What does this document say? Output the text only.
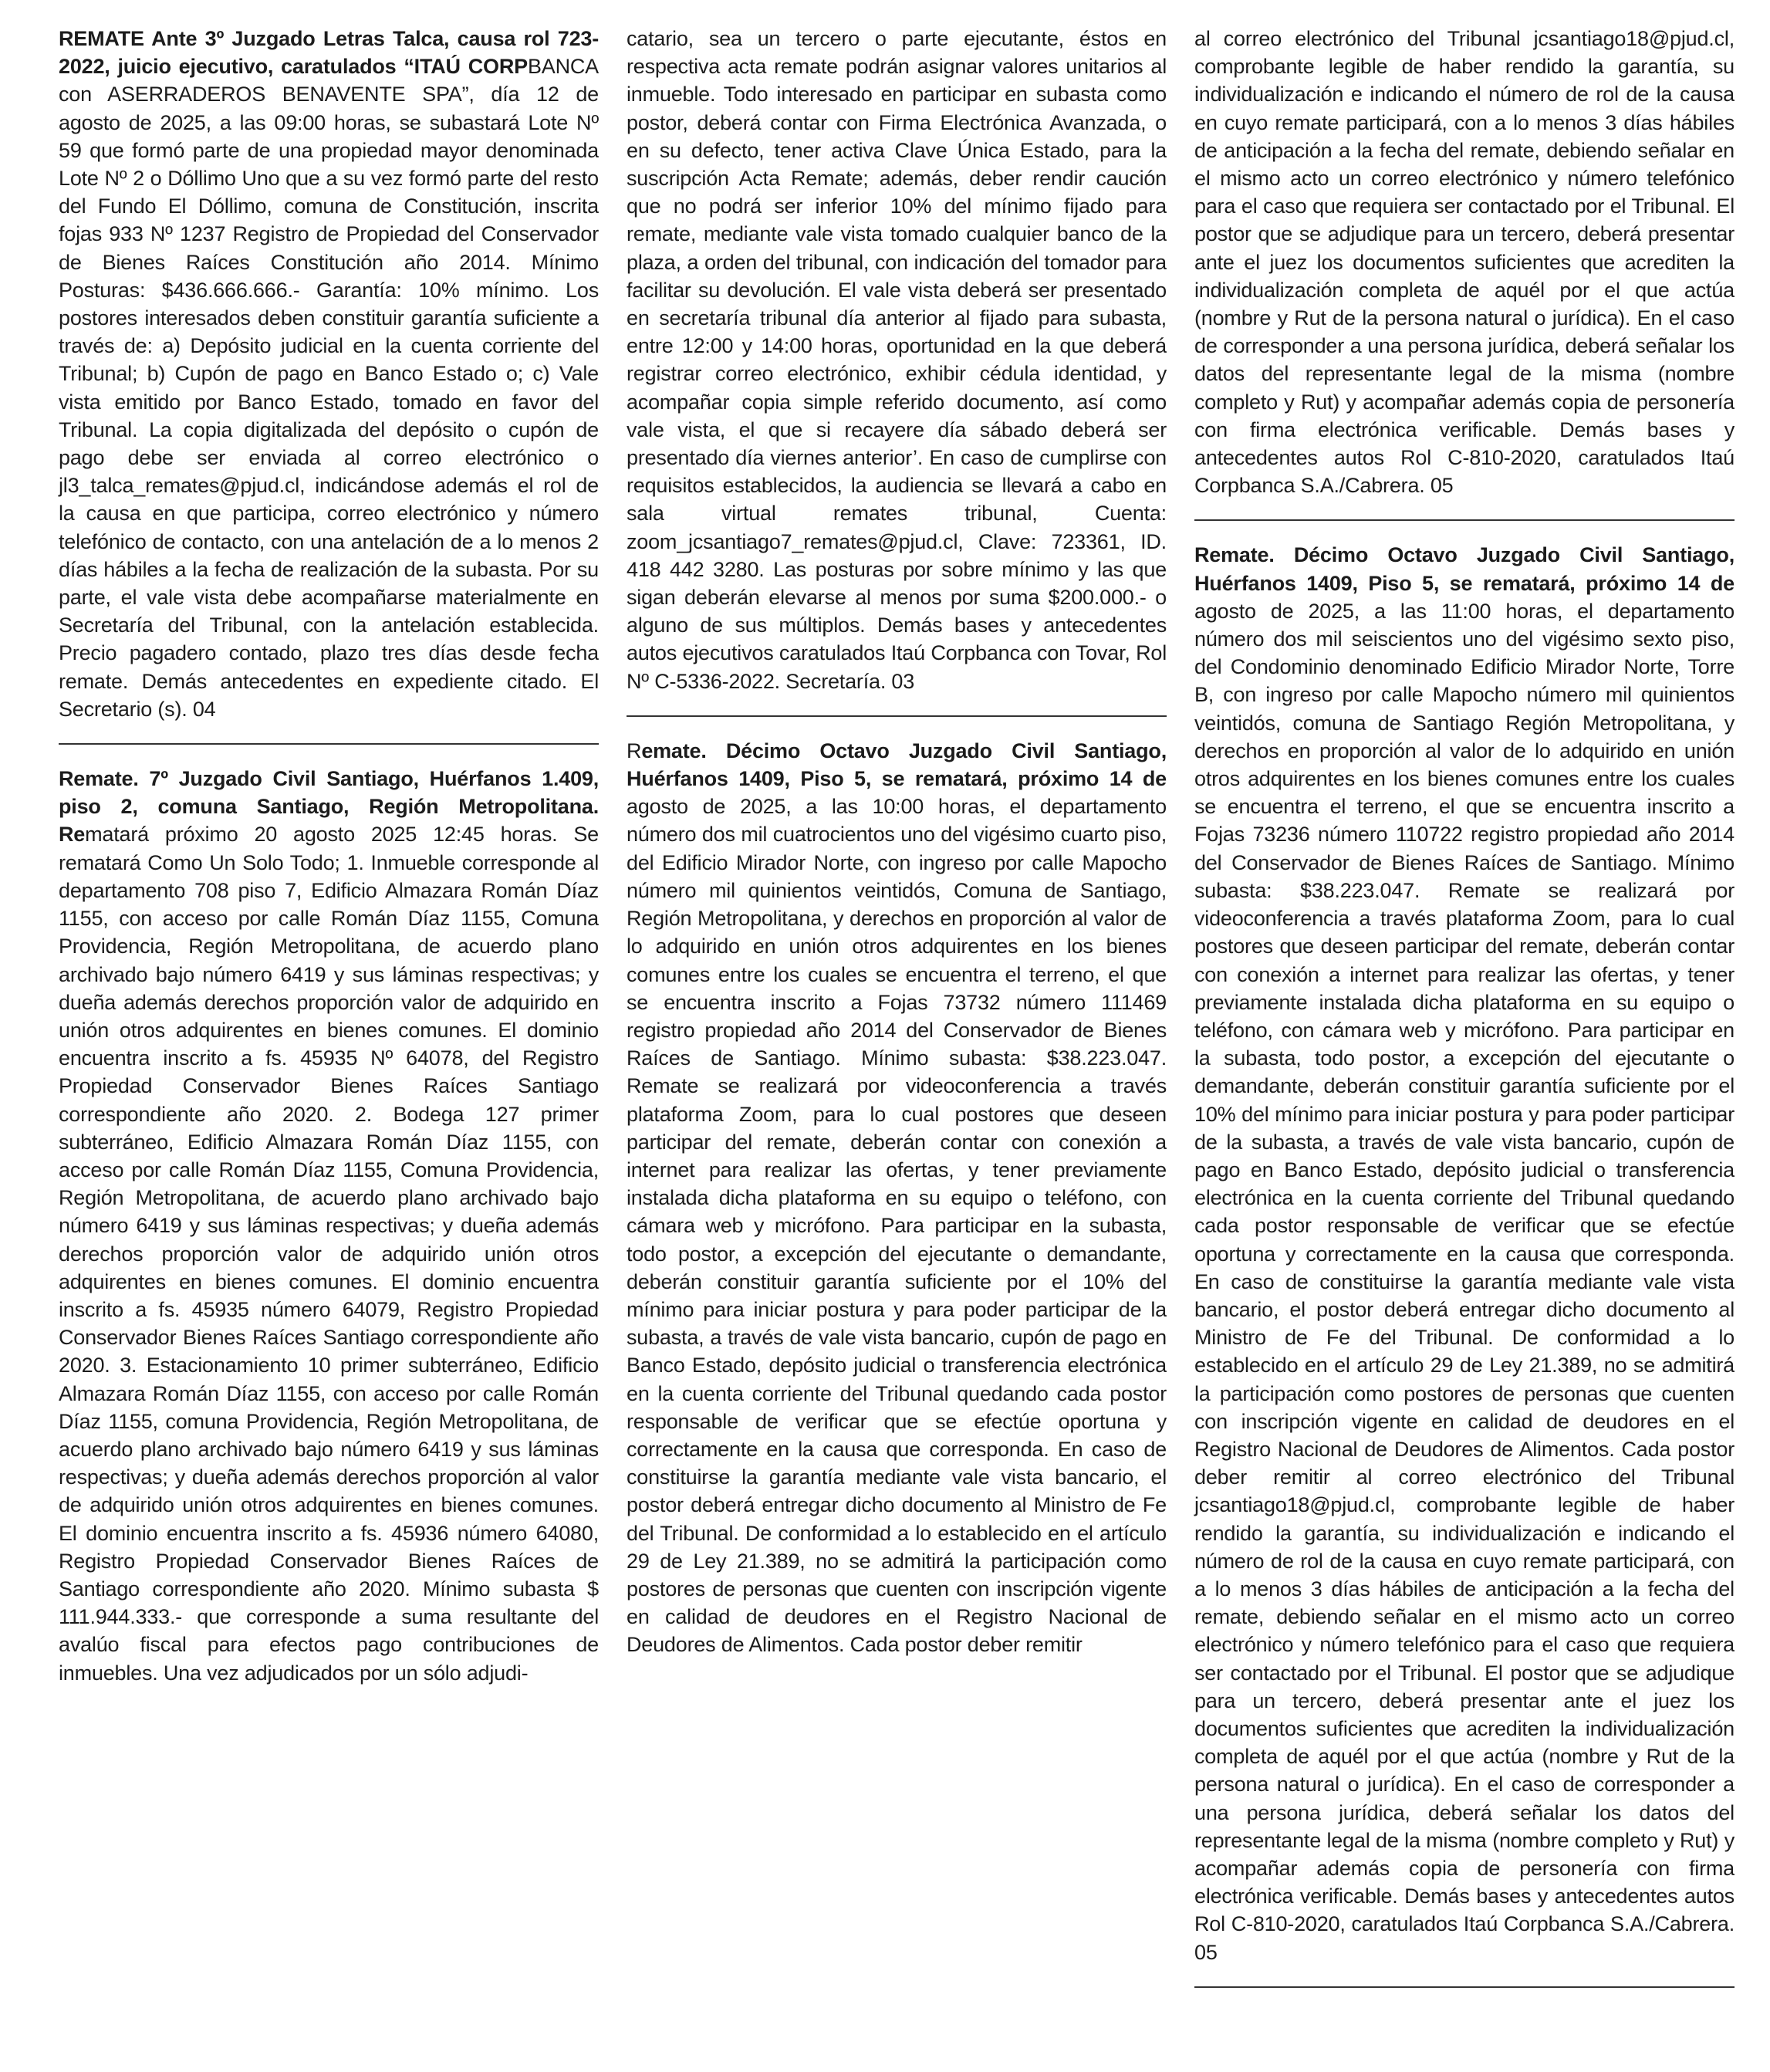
REMATE Ante 3º Juzgado Letras Talca, causa rol 723-2022, juicio ejecutivo, caratulados “ITAÚ CORPBANCA con ASERRADEROS BENAVENTE SPA”, día 12 de agosto de 2025, a las 09:00 horas, se subastará Lote Nº 59 que formó parte de una propiedad mayor denominada Lote Nº 2 o Dóllimo Uno que a su vez formó parte del resto del Fundo El Dóllimo, comuna de Constitución, inscrita fojas 933 Nº 1237 Registro de Propiedad del Conservador de Bienes Raíces Constitución año 2014. Mínimo Posturas: $436.666.666.- Garantía: 10% mínimo. Los postores interesados deben constituir garantía suficiente a través de: a) Depósito judicial en la cuenta corriente del Tribunal; b) Cupón de pago en Banco Estado o; c) Vale vista emitido por Banco Estado, tomado en favor del Tribunal. La copia digitalizada del depósito o cupón de pago debe ser enviada al correo electrónico o jl3_talca_remates@pjud.cl, indicándose además el rol de la causa en que participa, correo electrónico y número telefónico de contacto, con una antelación de a lo menos 2 días hábiles a la fecha de realización de la subasta. Por su parte, el vale vista debe acompañarse materialmente en Secretaría del Tribunal, con la antelación establecida. Precio pagadero contado, plazo tres días desde fecha remate. Demás antecedentes en expediente citado. El Secretario (s). 04

Remate. 7º Juzgado Civil Santiago, Huérfanos 1.409, piso 2, comuna Santiago, Región Metropolitana. Rematará próximo 20 agosto 2025 12:45 horas. Se rematará Como Un Solo Todo; 1. Inmueble corresponde al departamento 708 piso 7, Edificio Almazara Román Díaz 1155, con acceso por calle Román Díaz 1155, Comuna Providencia, Región Metropolitana, de acuerdo plano archivado bajo número 6419 y sus láminas respectivas; y dueña además derechos proporción valor de adquirido en unión otros adquirentes en bienes comunes. El dominio encuentra inscrito a fs. 45935 Nº 64078, del Registro Propiedad Conservador Bienes Raíces Santiago correspondiente año 2020. 2. Bodega 127 primer subterráneo, Edificio Almazara Román Díaz 1155, con acceso por calle Román Díaz 1155, Comuna Providencia, Región Metropolitana, de acuerdo plano archivado bajo número 6419 y sus láminas respectivas; y dueña además derechos proporción valor de adquirido unión otros adquirentes en bienes comunes. El dominio encuentra inscrito a fs. 45935 número 64079, Registro Propiedad Conservador Bienes Raíces Santiago correspondiente año 2020. 3. Estacionamiento 10 primer subterráneo, Edificio Almazara Román Díaz 1155, con acceso por calle Román Díaz 1155, comuna Providencia, Región Metropolitana, de acuerdo plano archivado bajo número 6419 y sus láminas respectivas; y dueña además derechos proporción al valor de adquirido unión otros adquirentes en bienes comunes. El dominio encuentra inscrito a fs. 45936 número 64080, Registro Propiedad Conservador Bienes Raíces de Santiago correspondiente año 2020. Mínimo subasta $ 111.944.333.- que corresponde a suma resultante del avalúo fiscal para efectos pago contribuciones de inmuebles. Una vez adjudicados por un sólo adjudi-

catario, sea un tercero o parte ejecutante, éstos en respectiva acta remate podrán asignar valores unitarios al inmueble. Todo interesado en participar en subasta como postor, deberá contar con Firma Electrónica Avanzada, o en su defecto, tener activa Clave Única Estado, para la suscripción Acta Remate; además, deber rendir caución que no podrá ser inferior 10% del mínimo fijado para remate, mediante vale vista tomado cualquier banco de la plaza, a orden del tribunal, con indicación del tomador para facilitar su devolución. El vale vista deberá ser presentado en secretaría tribunal día anterior al fijado para subasta, entre 12:00 y 14:00 horas, oportunidad en la que deberá registrar correo electrónico, exhibir cédula identidad, y acompañar copia simple referido documento, así como vale vista, el que si recayere día sábado deberá ser presentado día viernes anterior’. En caso de cumplirse con requisitos establecidos, la audiencia se llevará a cabo en sala virtual remates tribunal, Cuenta: zoom_jcsantiago7_remates@pjud.cl, Clave: 723361, ID. 418 442 3280. Las posturas por sobre mínimo y las que sigan deberán elevarse al menos por suma $200.000.- o alguno de sus múltiplos. Demás bases y antecedentes autos ejecutivos caratulados Itaú Corpbanca con Tovar, Rol Nº C-5336-2022. Secretaría. 03

Remate. Décimo Octavo Juzgado Civil Santiago, Huérfanos 1409, Piso 5, se rematará, próximo 14 de agosto de 2025, a las 10:00 horas, el departamento número dos mil cuatrocientos uno del vigésimo cuarto piso, del Edificio Mirador Norte, con ingreso por calle Mapocho número mil quinientos veintidós, Comuna de Santiago, Región Metropolitana, y derechos en proporción al valor de lo adquirido en unión otros adquirentes en los bienes comunes entre los cuales se encuentra el terreno, el que se encuentra inscrito a Fojas 73732 número 111469 registro propiedad año 2014 del Conservador de Bienes Raíces de Santiago. Mínimo subasta: $38.223.047. Remate se realizará por videoconferencia a través plataforma Zoom, para lo cual postores que deseen participar del remate, deberán contar con conexión a internet para realizar las ofertas, y tener previamente instalada dicha plataforma en su equipo o teléfono, con cámara web y micrófono. Para participar en la subasta, todo postor, a excepción del ejecutante o demandante, deberán constituir garantía suficiente por el 10% del mínimo para iniciar postura y para poder participar de la subasta, a través de vale vista bancario, cupón de pago en Banco Estado, depósito judicial o transferencia electrónica en la cuenta corriente del Tribunal quedando cada postor responsable de verificar que se efectúe oportuna y correctamente en la causa que corresponda. En caso de constituirse la garantía mediante vale vista bancario, el postor deberá entregar dicho documento al Ministro de Fe del Tribunal. De conformidad a lo establecido en el artículo 29 de Ley 21.389, no se admitirá la participación como postores de personas que cuenten con inscripción vigente en calidad de deudores en el Registro Nacional de Deudores de Alimentos. Cada postor deber remitir

al correo electrónico del Tribunal jcsantiago18@pjud.cl, comprobante legible de haber rendido la garantía, su individualización e indicando el número de rol de la causa en cuyo remate participará, con a lo menos 3 días hábiles de anticipación a la fecha del remate, debiendo señalar en el mismo acto un correo electrónico y número telefónico para el caso que requiera ser contactado por el Tribunal. El postor que se adjudique para un tercero, deberá presentar ante el juez los documentos suficientes que acrediten la individualización completa de aquél por el que actúa (nombre y Rut de la persona natural o jurídica). En el caso de corresponder a una persona jurídica, deberá señalar los datos del representante legal de la misma (nombre completo y Rut) y acompañar además copia de personería con firma electrónica verificable. Demás bases y antecedentes autos Rol C-810-2020, caratulados Itaú Corpbanca S.A./Cabrera. 05

Remate. Décimo Octavo Juzgado Civil Santiago, Huérfanos 1409, Piso 5, se rematará, próximo 14 de agosto de 2025, a las 11:00 horas, el departamento número dos mil seiscientos uno del vigésimo sexto piso, del Condominio denominado Edificio Mirador Norte, Torre B, con ingreso por calle Mapocho número mil quinientos veintidós, comuna de Santiago Región Metropolitana, y derechos en proporción al valor de lo adquirido en unión otros adquirentes en los bienes comunes entre los cuales se encuentra el terreno, el que se encuentra inscrito a Fojas 73236 número 110722 registro propiedad año 2014 del Conservador de Bienes Raíces de Santiago. Mínimo subasta: $38.223.047. Remate se realizará por videoconferencia a través plataforma Zoom, para lo cual postores que deseen participar del remate, deberán contar con conexión a internet para realizar las ofertas, y tener previamente instalada dicha plataforma en su equipo o teléfono, con cámara web y micrófono. Para participar en la subasta, todo postor, a excepción del ejecutante o demandante, deberán constituir garantía suficiente por el 10% del mínimo para iniciar postura y para poder participar de la subasta, a través de vale vista bancario, cupón de pago en Banco Estado, depósito judicial o transferencia electrónica en la cuenta corriente del Tribunal quedando cada postor responsable de verificar que se efectúe oportuna y correctamente en la causa que corresponda. En caso de constituirse la garantía mediante vale vista bancario, el postor deberá entregar dicho documento al Ministro de Fe del Tribunal. De conformidad a lo establecido en el artículo 29 de Ley 21.389, no se admitirá la participación como postores de personas que cuenten con inscripción vigente en calidad de deudores en el Registro Nacional de Deudores de Alimentos. Cada postor deber remitir al correo electrónico del Tribunal jcsantiago18@pjud.cl, comprobante legible de haber rendido la garantía, su individualización e indicando el número de rol de la causa en cuyo remate participará, con a lo menos 3 días hábiles de anticipación a la fecha del remate, debiendo señalar en el mismo acto un correo electrónico y número telefónico para el caso que requiera ser contactado por el Tribunal. El postor que se adjudique para un tercero, deberá presentar ante el juez los documentos suficientes que acrediten la individualización completa de aquél por el que actúa (nombre y Rut de la persona natural o jurídica). En el caso de corresponder a una persona jurídica, deberá señalar los datos del representante legal de la misma (nombre completo y Rut) y acompañar además copia de personería con firma electrónica verificable. Demás bases y antecedentes autos Rol C-810-2020, caratulados Itaú Corpbanca S.A./Cabrera. 05
